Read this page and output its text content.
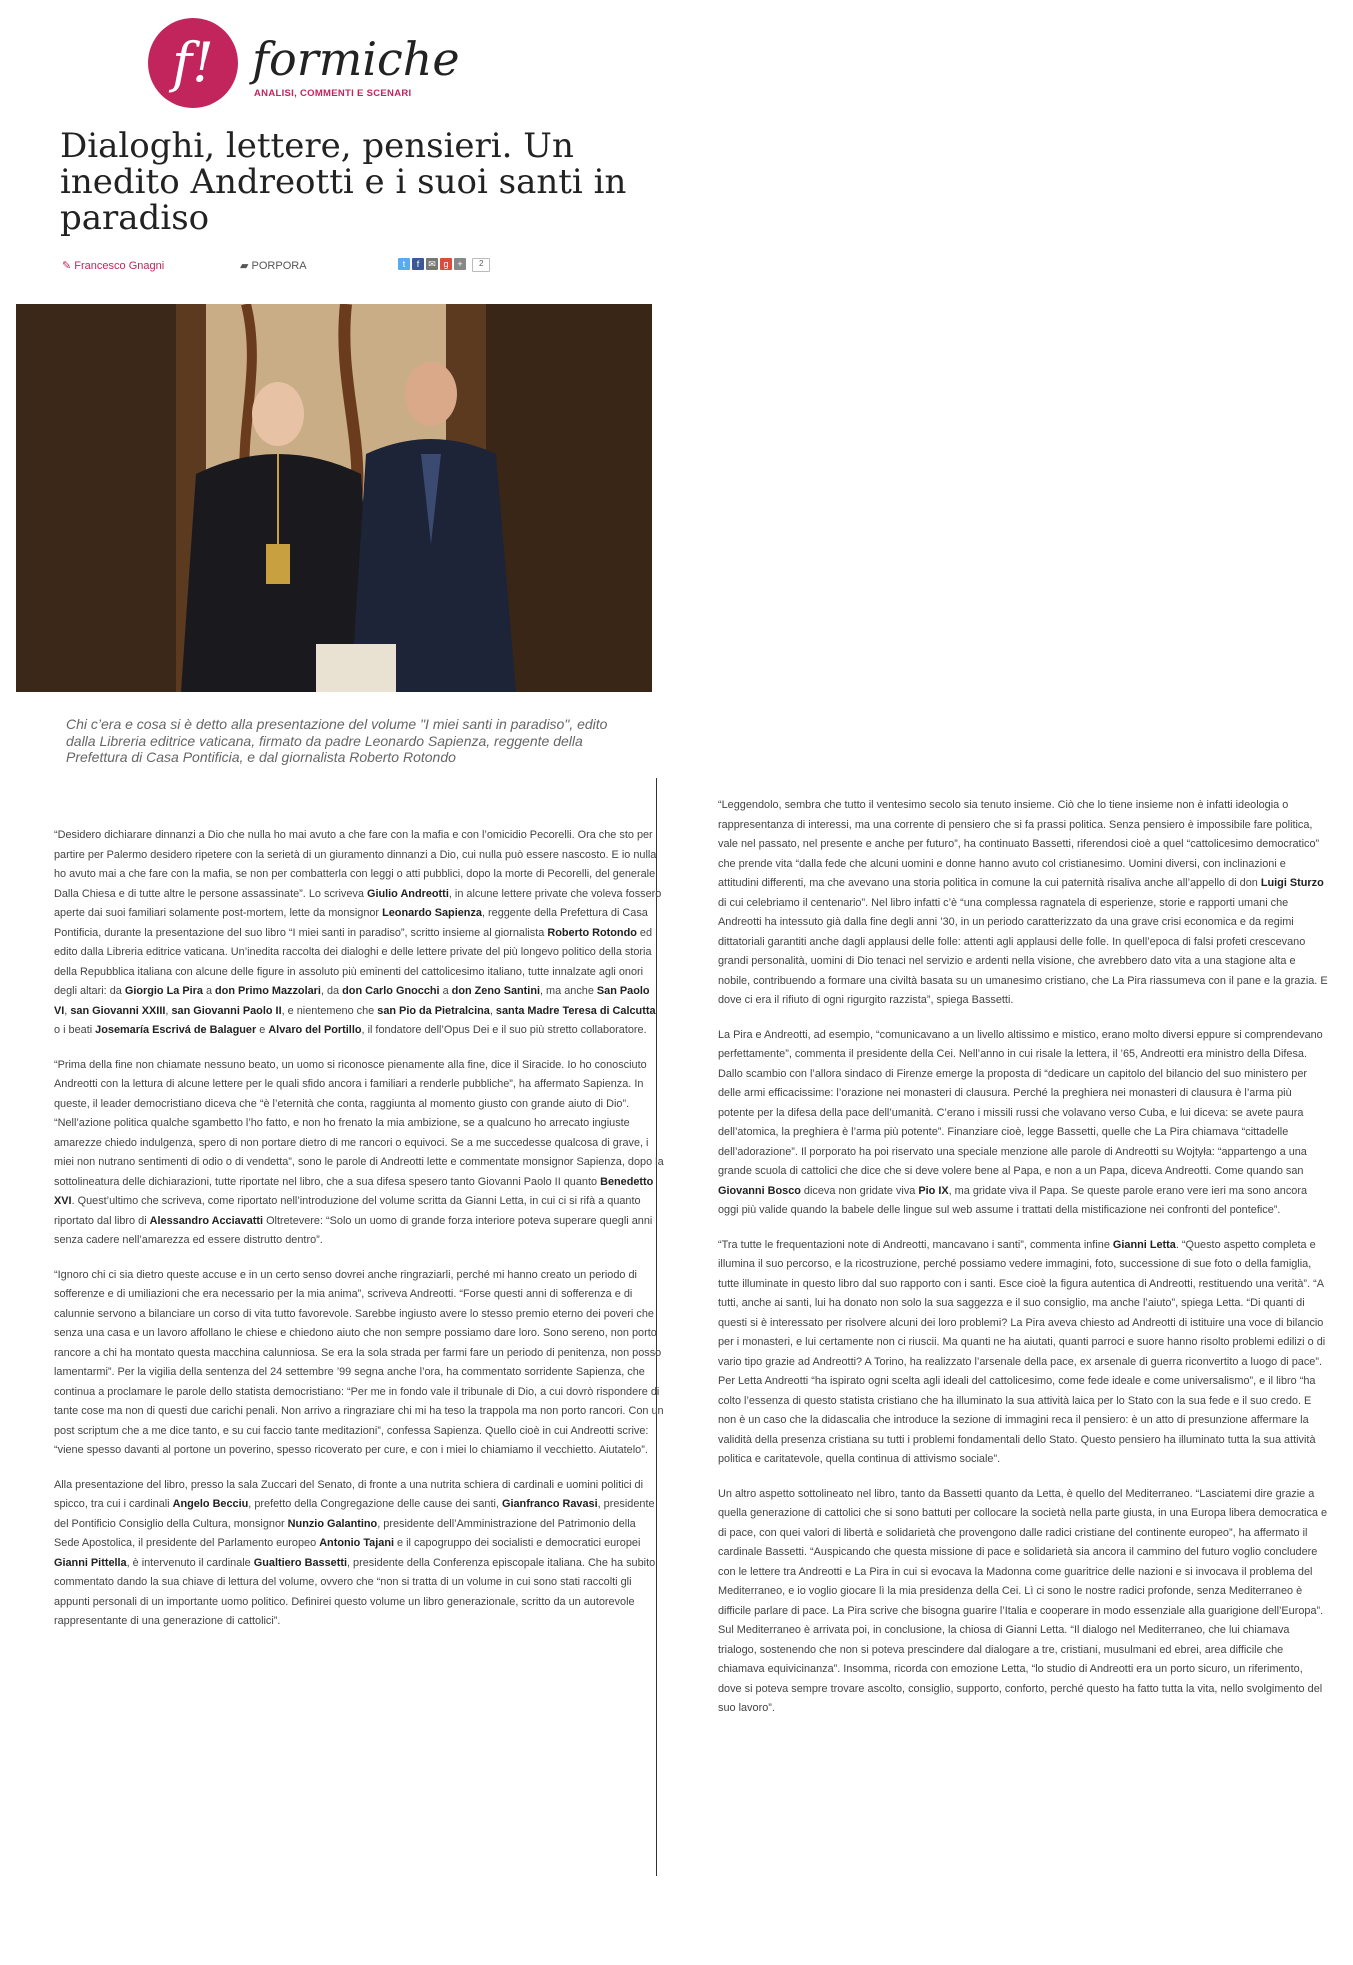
f! formiche
ANALISI, COMMENTI E SCENARI
Dialoghi, lettere, pensieri. Un inedito Andreotti e i suoi santi in paradiso
✎ Francesco Gnagni	▰ PORPORA	t	f ✉ g +	2

Chi c’era e cosa si è detto alla presentazione del volume "I miei santi in paradiso", edito dalla Libreria editrice vaticana, firmato da padre Leonardo Sapienza, reggente della Prefettura di Casa Pontificia, e dal giornalista Roberto Rotondo

“Desidero dichiarare dinnanzi a Dio che nulla ho mai avuto a che fare con la mafia e con l’omicidio Pecorelli. Ora che sto per partire per Palermo desidero ripetere con la serietà di un giuramento dinnanzi a Dio, cui nulla può essere nascosto. E io nulla ho avuto mai a che fare con la mafia, se non per combatterla con leggi o atti pubblici, dopo la morte di Pecorelli, del generale Dalla Chiesa e di tutte altre le persone assassinate”. Lo scriveva Giulio Andreotti, in alcune lettere private che voleva fossero aperte dai suoi familiari solamente post-mortem, lette da monsignor Leonardo Sapienza, reggente della Prefettura di Casa Pontificia, durante la presentazione del suo libro “I miei santi in paradiso”, scritto insieme al giornalista Roberto Rotondo ed edito dalla Libreria editrice vaticana. Un’inedita raccolta dei dialoghi e delle lettere private del più longevo politico della storia della Repubblica italiana con alcune delle figure in assoluto più eminenti del cattolicesimo italiano, tutte innalzate agli onori degli altari: da Giorgio La Pira a don Primo Mazzolari, da don Carlo Gnocchi a don Zeno Santini, ma anche San Paolo VI, san Giovanni XXIII, san Giovanni Paolo II, e nientemeno che san Pio da Pietralcina, santa Madre Teresa di Calcutta o i beati Josemaría Escrivá de Balaguer e Alvaro del Portillo, il fondatore dell’Opus Dei e il suo più stretto collaboratore.

“Prima della fine non chiamate nessuno beato, un uomo si riconosce pienamente alla fine, dice il Siracide. Io ho conosciuto Andreotti con la lettura di alcune lettere per le quali sfido ancora i familiari a renderle pubbliche”, ha affermato Sapienza. In queste, il leader democristiano diceva che “è l’eternità che conta, raggiunta al momento giusto con grande aiuto di Dio”. “Nell’azione politica qualche sgambetto l’ho fatto, e non ho frenato la mia ambizione, se a qualcuno ho arrecato ingiuste amarezze chiedo indulgenza, spero di non portare dietro di me rancori o equivoci. Se a me succedesse qualcosa di grave, i miei non nutrano sentimenti di odio o di vendetta”, sono le parole di Andreotti lette e commentate monsignor Sapienza, dopo la sottolineatura delle dichiarazioni, tutte riportate nel libro, che a sua difesa spesero tanto Giovanni Paolo II quanto Benedetto XVI. Quest’ultimo che scriveva, come riportato nell’introduzione del volume scritta da Gianni Letta, in cui ci si rifà a quanto riportato dal libro di Alessandro Acciavatti Oltretevere: “Solo un uomo di grande forza interiore poteva superare quegli anni senza cadere nell’amarezza ed essere distrutto dentro”.

“Ignoro chi ci sia dietro queste accuse e in un certo senso dovrei anche ringraziarli, perché mi hanno creato un periodo di sofferenze e di umiliazioni che era necessario per la mia anima”, scriveva Andreotti. “Forse questi anni di sofferenza e di calunnie servono a bilanciare un corso di vita tutto favorevole. Sarebbe ingiusto avere lo stesso premio eterno dei poveri che senza una casa e un lavoro affollano le chiese e chiedono aiuto che non sempre possiamo dare loro. Sono sereno, non porto rancore a chi ha montato questa macchina calunniosa. Se era la sola strada per farmi fare un periodo di penitenza, non posso lamentarmi”. Per la vigilia della sentenza del 24 settembre ’99 segna anche l’ora, ha commentato sorridente Sapienza, che continua a proclamare le parole dello statista democristiano: “Per me in fondo vale il tribunale di Dio, a cui dovrò rispondere di tante cose ma non di questi due carichi penali. Non arrivo a ringraziare chi mi ha teso la trappola ma non porto rancori. Con un post scriptum che a me dice tanto, e su cui faccio tante meditazioni”, confessa Sapienza. Quello cioè in cui Andreotti scrive: “viene spesso davanti al portone un poverino, spesso ricoverato per cure, e con i miei lo chiamiamo il vecchietto. Aiutatelo”.

Alla presentazione del libro, presso la sala Zuccari del Senato, di fronte a una nutrita schiera di cardinali e uomini politici di spicco, tra cui i cardinali Angelo Becciu, prefetto della Congregazione delle cause dei santi, Gianfranco Ravasi, presidente del Pontificio Consiglio della Cultura, monsignor Nunzio Galantino, presidente dell’Amministrazione del Patrimonio della Sede Apostolica, il presidente del Parlamento europeo Antonio Tajani e il capogruppo dei socialisti e democratici europei Gianni Pittella, è intervenuto il cardinale Gualtiero Bassetti, presidente della Conferenza episcopale italiana. Che ha subito commentato dando la sua chiave di lettura del volume, ovvero che “non si tratta di un volume in cui sono stati raccolti gli appunti personali di un importante uomo politico. Definirei questo volume un libro generazionale, scritto da un autorevole rappresentante di una generazione di cattolici”.

“Leggendolo, sembra che tutto il ventesimo secolo sia tenuto insieme. Ciò che lo tiene insieme non è infatti ideologia o rappresentanza di interessi, ma una corrente di pensiero che si fa prassi politica. Senza pensiero è impossibile fare politica, vale nel passato, nel presente e anche per futuro”, ha continuato Bassetti, riferendosi cioè a quel “cattolicesimo democratico” che prende vita “dalla fede che alcuni uomini e donne hanno avuto col cristianesimo. Uomini diversi, con inclinazioni e attitudini differenti, ma che avevano una storia politica in comune la cui paternità risaliva anche all’appello di don Luigi Sturzo di cui celebriamo il centenario”. Nel libro infatti c’è “una complessa ragnatela di esperienze, storie e rapporti umani che Andreotti ha intessuto già dalla fine degli anni ’30, in un periodo caratterizzato da una grave crisi economica e da regimi dittatoriali garantiti anche dagli applausi delle folle: attenti agli applausi delle folle. In quell’epoca di falsi profeti crescevano grandi personalità, uomini di Dio tenaci nel servizio e ardenti nella visione, che avrebbero dato vita a una stagione alta e nobile, contribuendo a formare una civiltà basata su un umanesimo cristiano, che La Pira riassumeva con il pane e la grazia. E dove ci era il rifiuto di ogni rigurgito razzista”, spiega Bassetti.

La Pira e Andreotti, ad esempio, “comunicavano a un livello altissimo e mistico, erano molto diversi eppure si comprendevano perfettamente”, commenta il presidente della Cei. Nell’anno in cui risale la lettera, il ’65, Andreotti era ministro della Difesa. Dallo scambio con l’allora sindaco di Firenze emerge la proposta di “dedicare un capitolo del bilancio del suo ministero per delle armi efficacissime: l’orazione nei monasteri di clausura. Perché la preghiera nei monasteri di clausura è l’arma più potente per la difesa della pace dell’umanità. C’erano i missili russi che volavano verso Cuba, e lui diceva: se avete paura dell’atomica, la preghiera è l’arma più potente”. Finanziare cioè, legge Bassetti, quelle che La Pira chiamava “cittadelle dell’adorazione”. Il porporato ha poi riservato una speciale menzione alle parole di Andreotti su Wojtyła: “appartengo a una grande scuola di cattolici che dice che si deve volere bene al Papa, e non a un Papa, diceva Andreotti. Come quando san Giovanni Bosco diceva non gridate viva Pio IX, ma gridate viva il Papa. Se queste parole erano vere ieri ma sono ancora oggi più valide quando la babele delle lingue sul web assume i trattati della mistificazione nei confronti del pontefice”.

“Tra tutte le frequentazioni note di Andreotti, mancavano i santi”, commenta infine Gianni Letta. “Questo aspetto completa e illumina il suo percorso, e la ricostruzione, perché possiamo vedere immagini, foto, successione di sue foto o della famiglia, tutte illuminate in questo libro dal suo rapporto con i santi. Esce cioè la figura autentica di Andreotti, restituendo una verità”. “A tutti, anche ai santi, lui ha donato non solo la sua saggezza e il suo consiglio, ma anche l’aiuto”, spiega Letta. “Di quanti di questi si è interessato per risolvere alcuni dei loro problemi? La Pira aveva chiesto ad Andreotti di istituire una voce di bilancio per i monasteri, e lui certamente non ci riuscii. Ma quanti ne ha aiutati, quanti parroci e suore hanno risolto problemi edilizi o di vario tipo grazie ad Andreotti? A Torino, ha realizzato l’arsenale della pace, ex arsenale di guerra riconvertito a luogo di pace”. Per Letta Andreotti “ha ispirato ogni scelta agli ideali del cattolicesimo, come fede ideale e come universalismo”, e il libro “ha colto l’essenza di questo statista cristiano che ha illuminato la sua attività laica per lo Stato con la sua fede e il suo credo. E non è un caso che la didascalia che introduce la sezione di immagini reca il pensiero: è un atto di presunzione affermare la validità della presenza cristiana su tutti i problemi fondamentali dello Stato. Questo pensiero ha illuminato tutta la sua attività politica e caritatevole, quella continua di attivismo sociale”.

Un altro aspetto sottolineato nel libro, tanto da Bassetti quanto da Letta, è quello del Mediterraneo. “Lasciatemi dire grazie a quella generazione di cattolici che si sono battuti per collocare la società nella parte giusta, in una Europa libera democratica e di pace, con quei valori di libertà e solidarietà che provengono dalle radici cristiane del continente europeo”, ha affermato il cardinale Bassetti. “Auspicando che questa missione di pace e solidarietà sia ancora il cammino del futuro voglio concludere con le lettere tra Andreotti e La Pira in cui si evocava la Madonna come guaritrice delle nazioni e si invocava il problema del Mediterraneo, e io voglio giocare lì la mia presidenza della Cei. Lì ci sono le nostre radici profonde, senza Mediterraneo è difficile parlare di pace. La Pira scrive che bisogna guarire l’Italia e cooperare in modo essenziale alla guarigione dell’Europa”. Sul Mediterraneo è arrivata poi, in conclusione, la chiosa di Gianni Letta. “Il dialogo nel Mediterraneo, che lui chiamava trialogo, sostenendo che non si poteva prescindere dal dialogare a tre, cristiani, musulmani ed ebrei, area difficile che chiamava equivicinanza”. Insomma, ricorda con emozione Letta, “lo studio di Andreotti era un porto sicuro, un riferimento, dove si poteva sempre trovare ascolto, consiglio, supporto, conforto, perché questo ha fatto tutta la vita, nello svolgimento del suo lavoro”.
